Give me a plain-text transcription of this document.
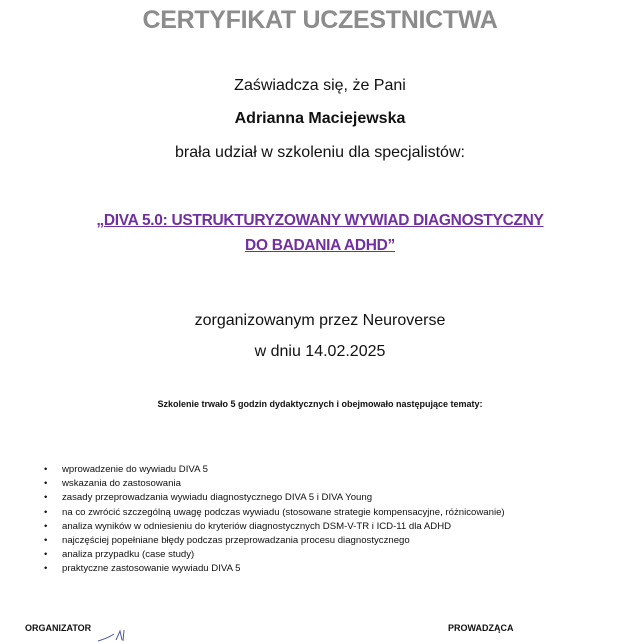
CERTYFIKAT UCZESTNICTWA
Zaświadcza się, że Pani
Adrianna Maciejewska
brała udział w szkoleniu dla specjalistów:
„DIVA 5.0: USTRUKTURYZOWANY WYWIAD DIAGNOSTYCZNY
DO BADANIA ADHD”
zorganizowanym przez Neuroverse
w dniu 14.02.2025
Szkolenie trwało 5 godzin dydaktycznych i obejmowało następujące tematy:
• wprowadzenie do wywiadu DIVA 5
• wskazania do zastosowania
• zasady przeprowadzania wywiadu diagnostycznego DIVA 5 i DIVA Young
• na co zwrócić szczególną uwagę podczas wywiadu (stosowane strategie kompensacyjne, różnicowanie)
• analiza wyników w odniesieniu do kryteriów diagnostycznych DSM-V-TR i ICD-11 dla ADHD
• najczęściej popełniane błędy podczas przeprowadzania procesu diagnostycznego
• analiza przypadku (case study)
• praktyczne zastosowanie wywiadu DIVA 5
ORGANIZATOR	PROWADZĄCA
